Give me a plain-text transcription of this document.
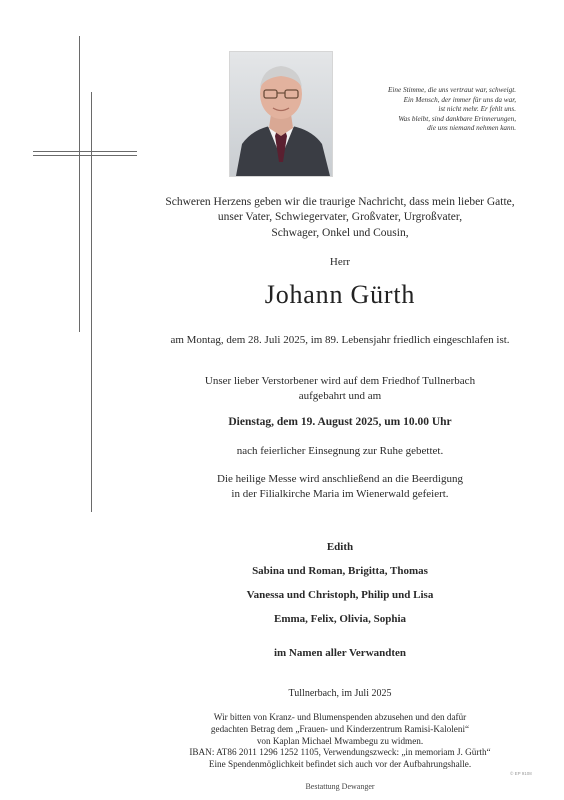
Eine Stimme, die uns vertraut war, schweigt.
Ein Mensch, der immer für uns da war,
ist nicht mehr. Er fehlt uns.
Was bleibt, sind dankbare Erinnerungen,
die uns niemand nehmen kann.
Schweren Herzens geben wir die traurige Nachricht, dass mein lieber Gatte,
unser Vater, Schwiegervater, Großvater, Urgroßvater,
Schwager, Onkel und Cousin,
Herr
Johann Gürth
am Montag, dem 28. Juli 2025, im 89. Lebensjahr friedlich eingeschlafen ist.
Unser lieber Verstorbener wird auf dem Friedhof Tullnerbach
aufgebahrt und am
Dienstag, dem 19. August 2025, um 10.00 Uhr
nach feierlicher Einsegnung zur Ruhe gebettet.
Die heilige Messe wird anschließend an die Beerdigung
in der Filialkirche Maria im Wienerwald gefeiert.
Edith
Sabina und Roman, Brigitta, Thomas
Vanessa und Christoph, Philip und Lisa
Emma, Felix, Olivia, Sophia
im Namen aller Verwandten
Tullnerbach, im Juli 2025
Wir bitten von Kranz- und Blumenspenden abzusehen und den dafür
gedachten Betrag dem „Frauen- und Kinderzentrum Ramisi-Kaloleni“
von Kaplan Michael Mwambegu zu widmen.
IBAN: AT86 2011 1296 1252 1105, Verwendungszweck: „in memoriam J. Gürth“
Eine Spendenmöglichkeit befindet sich auch vor der Aufbahrungshalle.
Bestattung Dewanger
© EP 9108
